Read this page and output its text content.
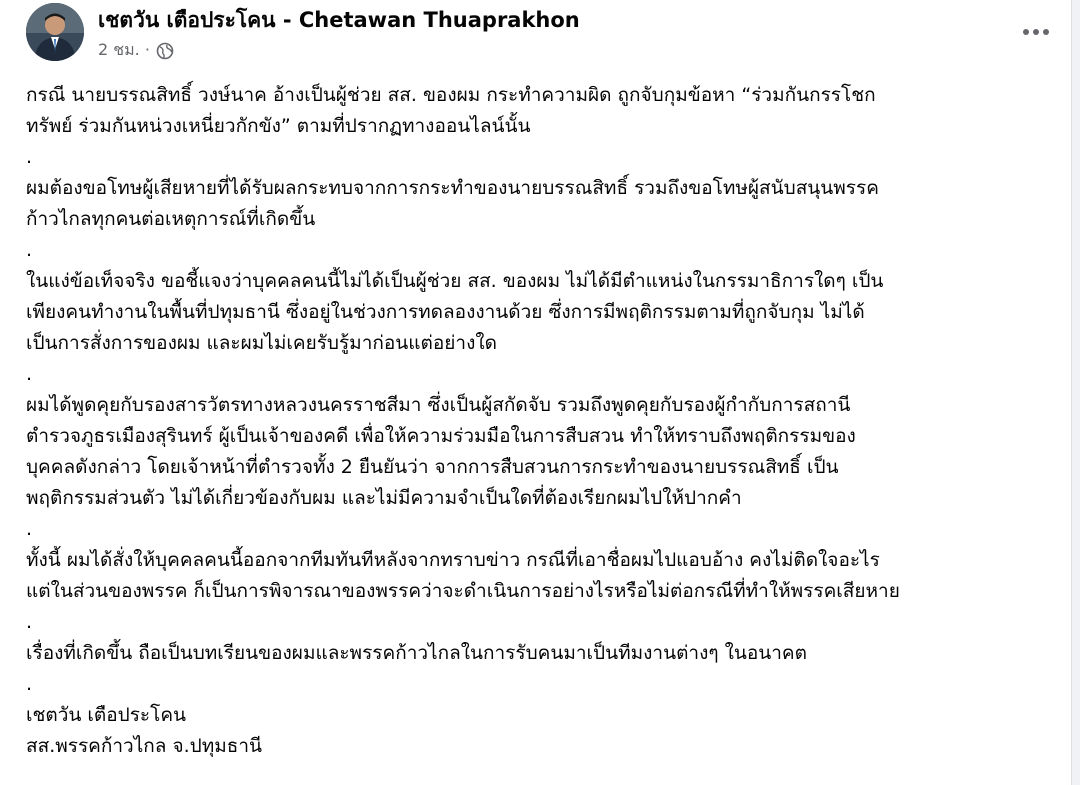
เชตวัน เตือประโคน - Chetawan Thuaprakhon
2 ชม. ·

กรณี นายบรรณสิทธิ์ วงษ์นาค อ้างเป็นผู้ช่วย สส. ของผม กระทำความผิด ถูกจับกุมข้อหา “ร่วมกันกรรโชก

ทรัพย์ ร่วมกันหน่วงเหนี่ยวกักขัง” ตามที่ปรากฏทางออนไลน์นั้น

.

ผมต้องขอโทษผู้เสียหายที่ได้รับผลกระทบจากการกระทำของนายบรรณสิทธิ์ รวมถึงขอโทษผู้สนับสนุนพรรค

ก้าวไกลทุกคนต่อเหตุการณ์ที่เกิดขึ้น

.

ในแง่ข้อเท็จจริง ขอชี้แจงว่าบุคคลคนนี้ไม่ได้เป็นผู้ช่วย สส. ของผม ไม่ได้มีตำแหน่งในกรรมาธิการใดๆ เป็น

เพียงคนทำงานในพื้นที่ปทุมธานี ซึ่งอยู่ในช่วงการทดลองงานด้วย ซึ่งการมีพฤติกรรมตามที่ถูกจับกุม ไม่ได้

เป็นการสั่งการของผม และผมไม่เคยรับรู้มาก่อนแต่อย่างใด

.

ผมได้พูดคุยกับรองสารวัตรทางหลวงนครราชสีมา ซึ่งเป็นผู้สกัดจับ รวมถึงพูดคุยกับรองผู้กำกับการสถานี

ตำรวจภูธรเมืองสุรินทร์ ผู้เป็นเจ้าของคดี เพื่อให้ความร่วมมือในการสืบสวน ทำให้ทราบถึงพฤติกรรมของ

บุคคลดังกล่าว โดยเจ้าหน้าที่ตำรวจทั้ง 2 ยืนยันว่า จากการสืบสวนการกระทำของนายบรรณสิทธิ์ เป็น

พฤติกรรมส่วนตัว ไม่ได้เกี่ยวข้องกับผม และไม่มีความจำเป็นใดที่ต้องเรียกผมไปให้ปากคำ

.

ทั้งนี้ ผมได้สั่งให้บุคคลคนนี้ออกจากทีมทันทีหลังจากทราบข่าว กรณีที่เอาชื่อผมไปแอบอ้าง คงไม่ติดใจอะไร

แต่ในส่วนของพรรค ก็เป็นการพิจารณาของพรรคว่าจะดำเนินการอย่างไรหรือไม่ต่อกรณีที่ทำให้พรรคเสียหาย

.

เรื่องที่เกิดขึ้น ถือเป็นบทเรียนของผมและพรรคก้าวไกลในการรับคนมาเป็นทีมงานต่างๆ ในอนาคต

.

เชตวัน เตือประโคน

สส.พรรคก้าวไกล จ.ปทุมธานี
